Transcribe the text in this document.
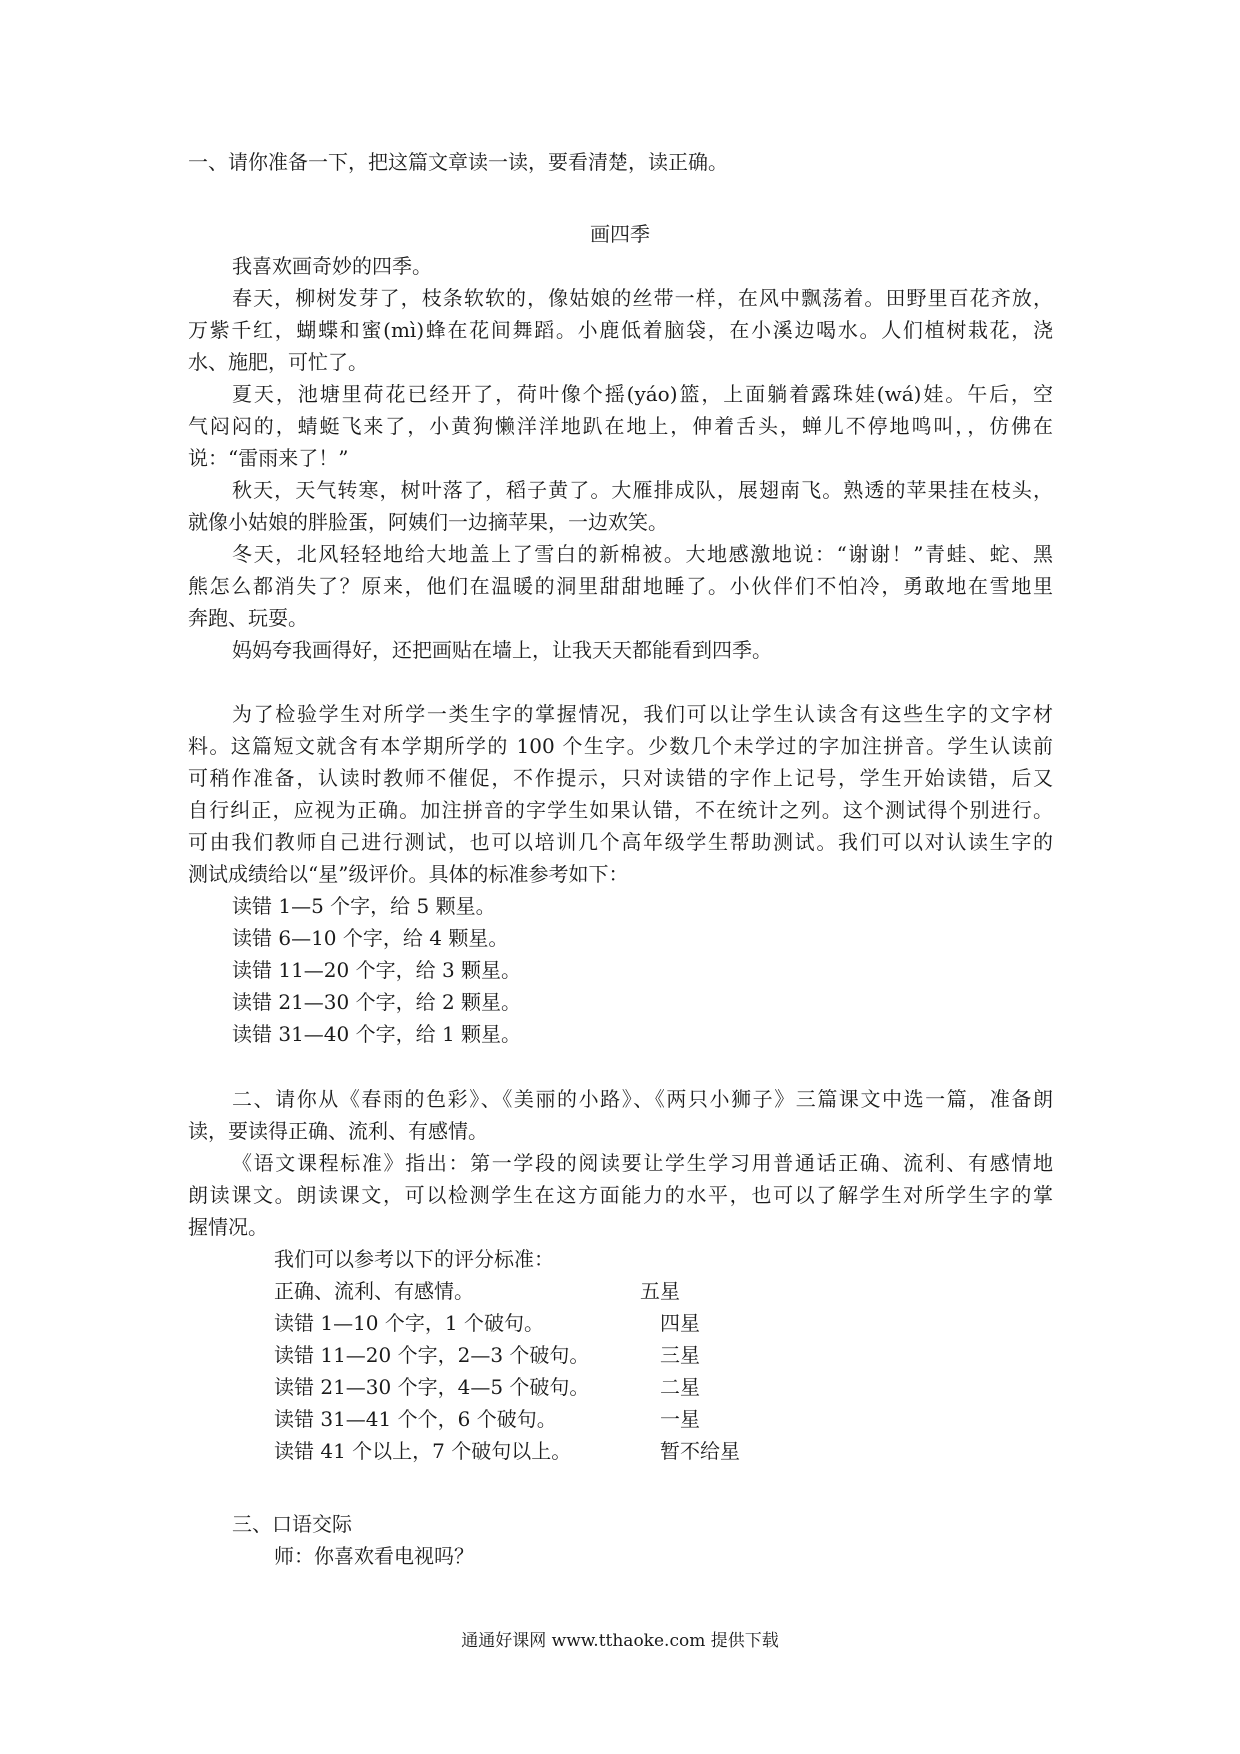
一、请你准备一下，把这篇文章读一读，要看清楚，读正确。
画四季
我喜欢画奇妙的四季。
春天，柳树发芽了，枝条软软的，像姑娘的丝带一样，在风中飘荡着。田野里百花齐放，
万紫千红，蝴蝶和蜜(mì)蜂在花间舞蹈。小鹿低着脑袋，在小溪边喝水。人们植树栽花，浇
水、施肥，可忙了。
夏天，池塘里荷花已经开了，荷叶像个摇(yáo)篮，上面躺着露珠娃(wá)娃。午后，空
气闷闷的，蜻蜓飞来了，小黄狗懒洋洋地趴在地上，伸着舌头，蝉儿不停地鸣叫，，仿佛在
说：“雷雨来了！”
秋天，天气转寒，树叶落了，稻子黄了。大雁排成队，展翅南飞。熟透的苹果挂在枝头，
就像小姑娘的胖脸蛋，阿姨们一边摘苹果，一边欢笑。
冬天，北风轻轻地给大地盖上了雪白的新棉被。大地感激地说：“谢谢！”青蛙、蛇、黑
熊怎么都消失了？原来，他们在温暖的洞里甜甜地睡了。小伙伴们不怕冷，勇敢地在雪地里
奔跑、玩耍。
妈妈夸我画得好，还把画贴在墙上，让我天天都能看到四季。
为了检验学生对所学一类生字的掌握情况，我们可以让学生认读含有这些生字的文字材
料。这篇短文就含有本学期所学的 100 个生字。少数几个未学过的字加注拼音。学生认读前
可稍作准备，认读时教师不催促，不作提示，只对读错的字作上记号，学生开始读错，后又
自行纠正，应视为正确。加注拼音的字学生如果认错，不在统计之列。这个测试得个别进行。
可由我们教师自己进行测试，也可以培训几个高年级学生帮助测试。我们可以对认读生字的
测试成绩给以“星”级评价。具体的标准参考如下：
读错 1—5 个字，给 5 颗星。
读错 6—10 个字，给 4 颗星。
读错 11—20 个字，给 3 颗星。
读错 21—30 个字，给 2 颗星。
读错 31—40 个字，给 1 颗星。
二、请你从《春雨的色彩》、《美丽的小路》、《两只小狮子》三篇课文中选一篇，准备朗
读，要读得正确、流利、有感情。
《语文课程标准》指出：第一学段的阅读要让学生学习用普通话正确、流利、有感情地
朗读课文。朗读课文，可以检测学生在这方面能力的水平，也可以了解学生对所学生字的掌
握情况。
我们可以参考以下的评分标准：
正确、流利、有感情。	五星
读错 1—10 个字，1 个破句。	四星
读错 11—20 个字，2—3 个破句。	三星
读错 21—30 个字，4—5 个破句。	二星
读错 31—41 个个，6 个破句。	一星
读错 41 个以上，7 个破句以上。	暂不给星
三、口语交际
师：你喜欢看电视吗？
通通好课网 www.tthaoke.com 提供下载
